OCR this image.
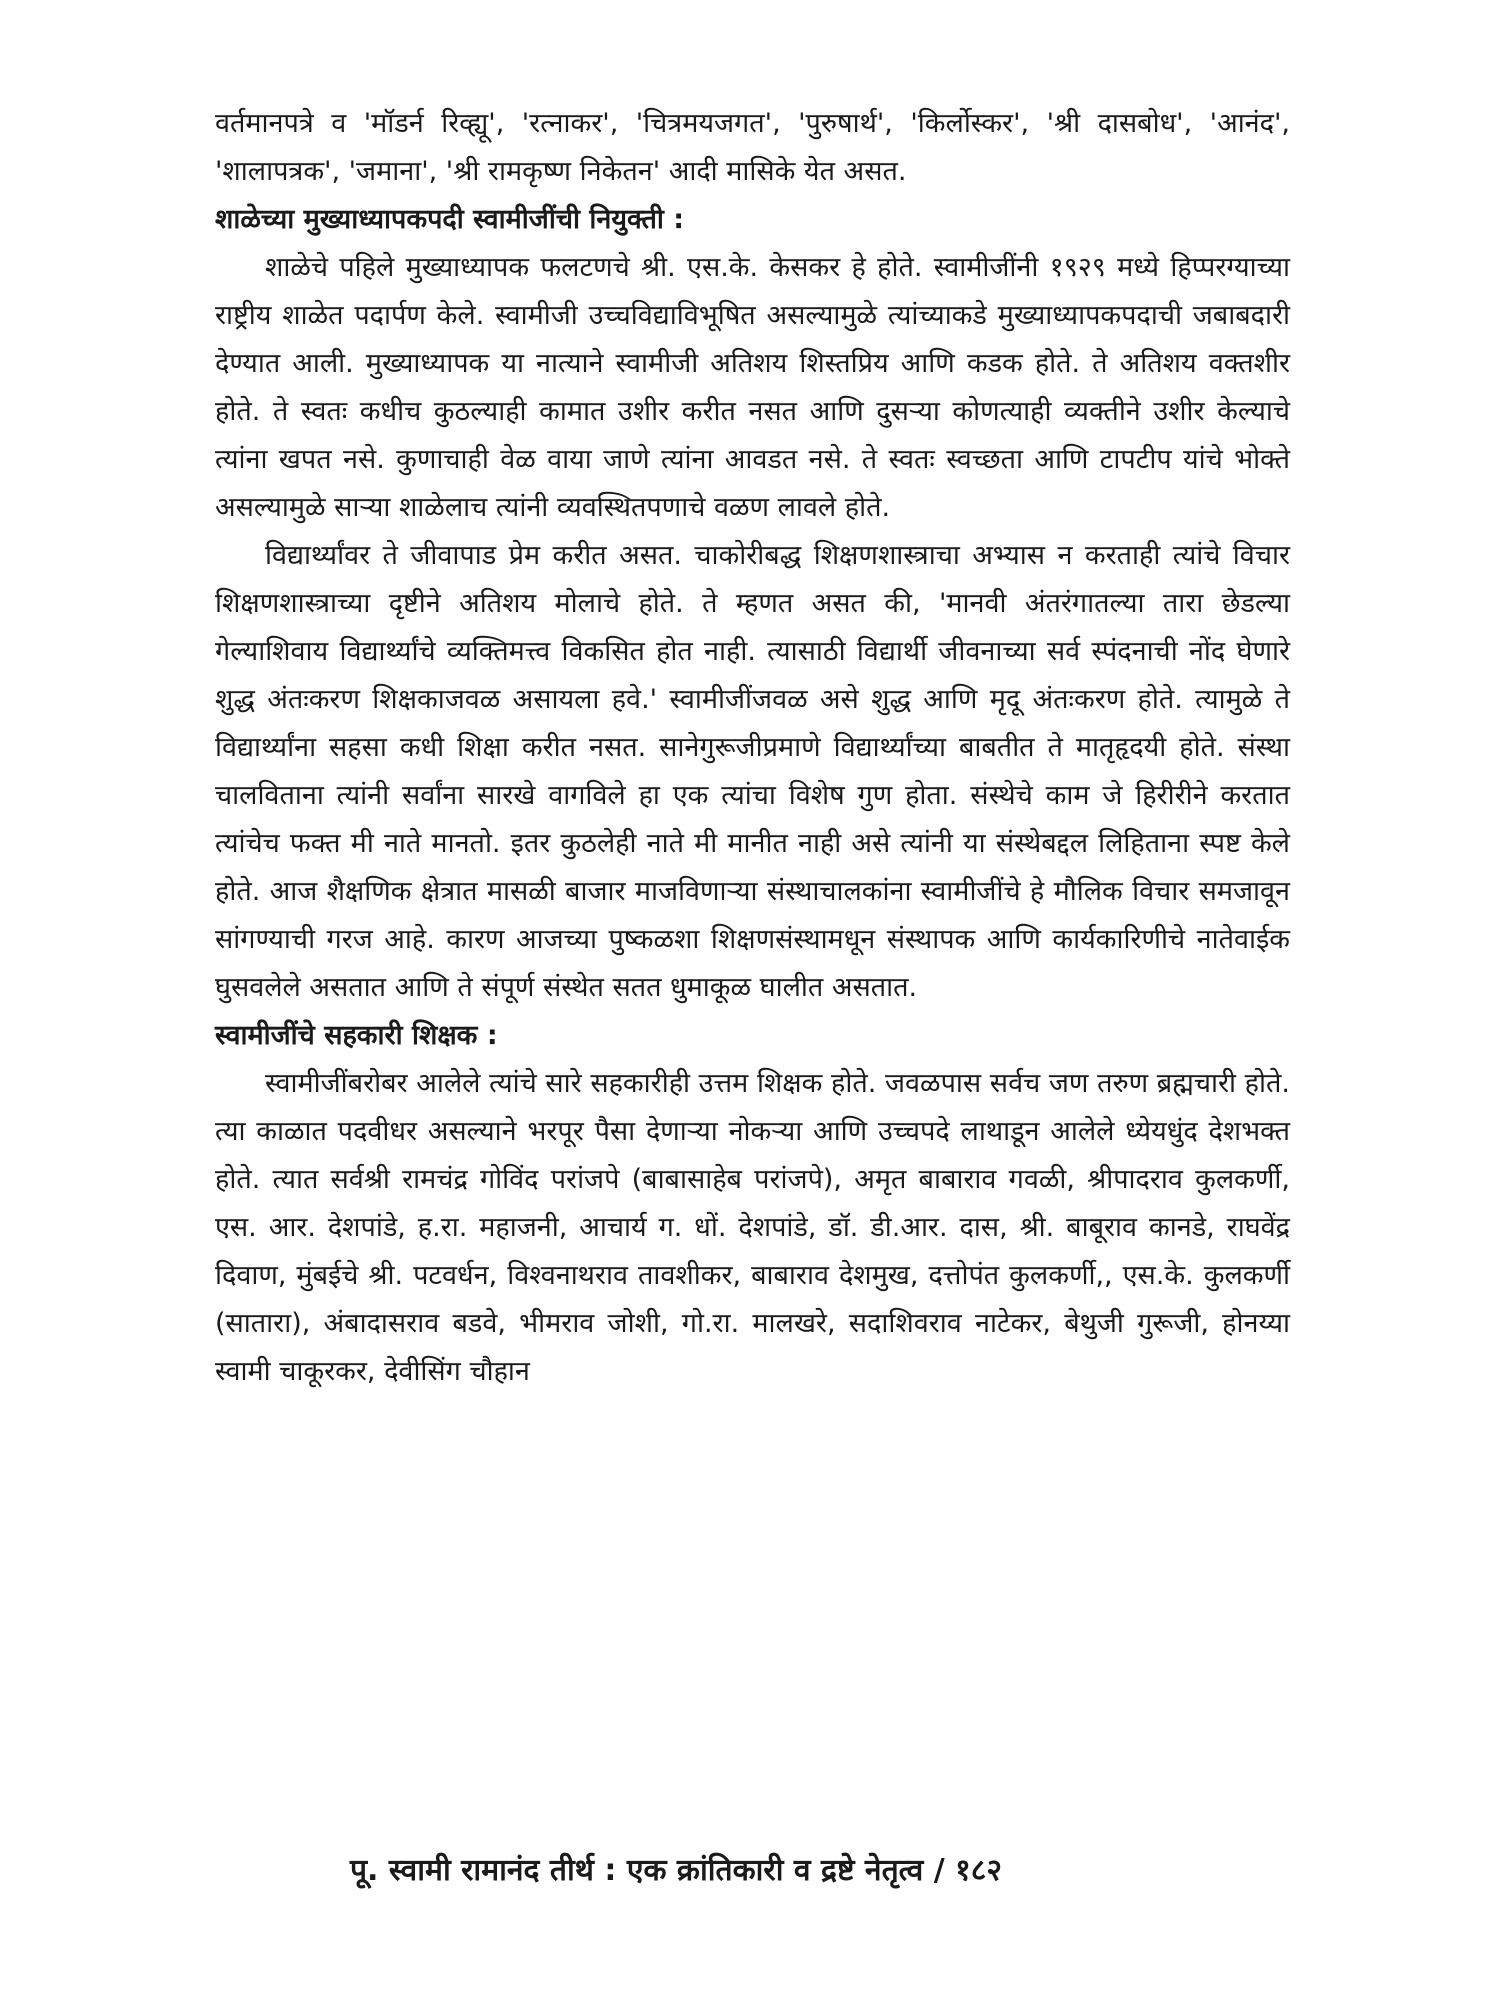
वर्तमानपत्रे व 'मॉडर्न रिव्ह्यू', 'रत्नाकर', 'चित्रमयजगत', 'पुरुषार्थ', 'किर्लोस्कर', 'श्री दासबोध', 'आनंद', 'शालापत्रक', 'जमाना', 'श्री रामकृष्ण निकेतन' आदी मासिके येत असत.

शाळेच्या मुख्याध्यापकपदी स्वामीजींची नियुक्ती :

शाळेचे पहिले मुख्याध्यापक फलटणचे श्री. एस.के. केसकर हे होते. स्वामीजींनी १९२९ मध्ये हिप्परग्याच्या राष्ट्रीय शाळेत पदार्पण केले. स्वामीजी उच्चविद्याविभूषित असल्यामुळे त्यांच्याकडे मुख्याध्यापकपदाची जबाबदारी देण्यात आली. मुख्याध्यापक या नात्याने स्वामीजी अतिशय शिस्तप्रिय आणि कडक होते. ते अतिशय वक्तशीर होते. ते स्वतः कधीच कुठल्याही कामात उशीर करीत नसत आणि दुसऱ्या कोणत्याही व्यक्तीने उशीर केल्याचे त्यांना खपत नसे. कुणाचाही वेळ वाया जाणे त्यांना आवडत नसे. ते स्वतः स्वच्छता आणि टापटीप यांचे भोक्ते असल्यामुळे साऱ्या शाळेलाच त्यांनी व्यवस्थितपणाचे वळण लावले होते.

विद्यार्थ्यांवर ते जीवापाड प्रेम करीत असत. चाकोरीबद्ध शिक्षणशास्त्राचा अभ्यास न करताही त्यांचे विचार शिक्षणशास्त्राच्या दृष्टीने अतिशय मोलाचे होते. ते म्हणत असत की, 'मानवी अंतरंगातल्या तारा छेडल्या गेल्याशिवाय विद्यार्थ्यांचे व्यक्तिमत्त्व विकसित होत नाही. त्यासाठी विद्यार्थी जीवनाच्या सर्व स्पंदनाची नोंद घेणारे शुद्ध अंतःकरण शिक्षकाजवळ असायला हवे.' स्वामीजींजवळ असे शुद्ध आणि मृदू अंतःकरण होते. त्यामुळे ते विद्यार्थ्यांना सहसा कधी शिक्षा करीत नसत. सानेगुरूजीप्रमाणे विद्यार्थ्यांच्या बाबतीत ते मातृहृदयी होते. संस्था चालविताना त्यांनी सर्वांना सारखे वागविले हा एक त्यांचा विशेष गुण होता. संस्थेचे काम जे हिरीरीने करतात त्यांचेच फक्त मी नाते मानतो. इतर कुठलेही नाते मी मानीत नाही असे त्यांनी या संस्थेबद्दल लिहिताना स्पष्ट केले होते. आज शैक्षणिक क्षेत्रात मासळी बाजार माजविणाऱ्या संस्थाचालकांना स्वामीजींचे हे मौलिक विचार समजावून सांगण्याची गरज आहे. कारण आजच्या पुष्कळशा शिक्षणसंस्थामधून संस्थापक आणि कार्यकारिणीचे नातेवाईक घुसवलेले असतात आणि ते संपूर्ण संस्थेत सतत धुमाकूळ घालीत असतात.

स्वामीजींचे सहकारी शिक्षक :

स्वामीजींबरोबर आलेले त्यांचे सारे सहकारीही उत्तम शिक्षक होते. जवळपास सर्वच जण तरुण ब्रह्मचारी होते. त्या काळात पदवीधर असल्याने भरपूर पैसा देणाऱ्या नोकऱ्या आणि उच्चपदे लाथाडून आलेले ध्येयधुंद देशभक्त होते. त्यात सर्वश्री रामचंद्र गोविंद परांजपे (बाबासाहेब परांजपे), अमृत बाबाराव गवळी, श्रीपादराव कुलकर्णी, एस. आर. देशपांडे, ह.रा. महाजनी, आचार्य ग. धों. देशपांडे, डॉ. डी.आर. दास, श्री. बाबूराव कानडे, राघवेंद्र दिवाण, मुंबईचे श्री. पटवर्धन, विश्वनाथराव तावशीकर, बाबाराव देशमुख, दत्तोपंत कुलकर्णी,, एस.के. कुलकर्णी (सातारा), अंबादासराव बडवे, भीमराव जोशी, गो.रा. मालखरे, सदाशिवराव नाटेकर, बेथुजी गुरूजी, होनय्या स्वामी चाकूरकर, देवीसिंग चौहान

पू. स्वामी रामानंद तीर्थ : एक क्रांतिकारी व द्रष्टे नेतृत्व / १८२
